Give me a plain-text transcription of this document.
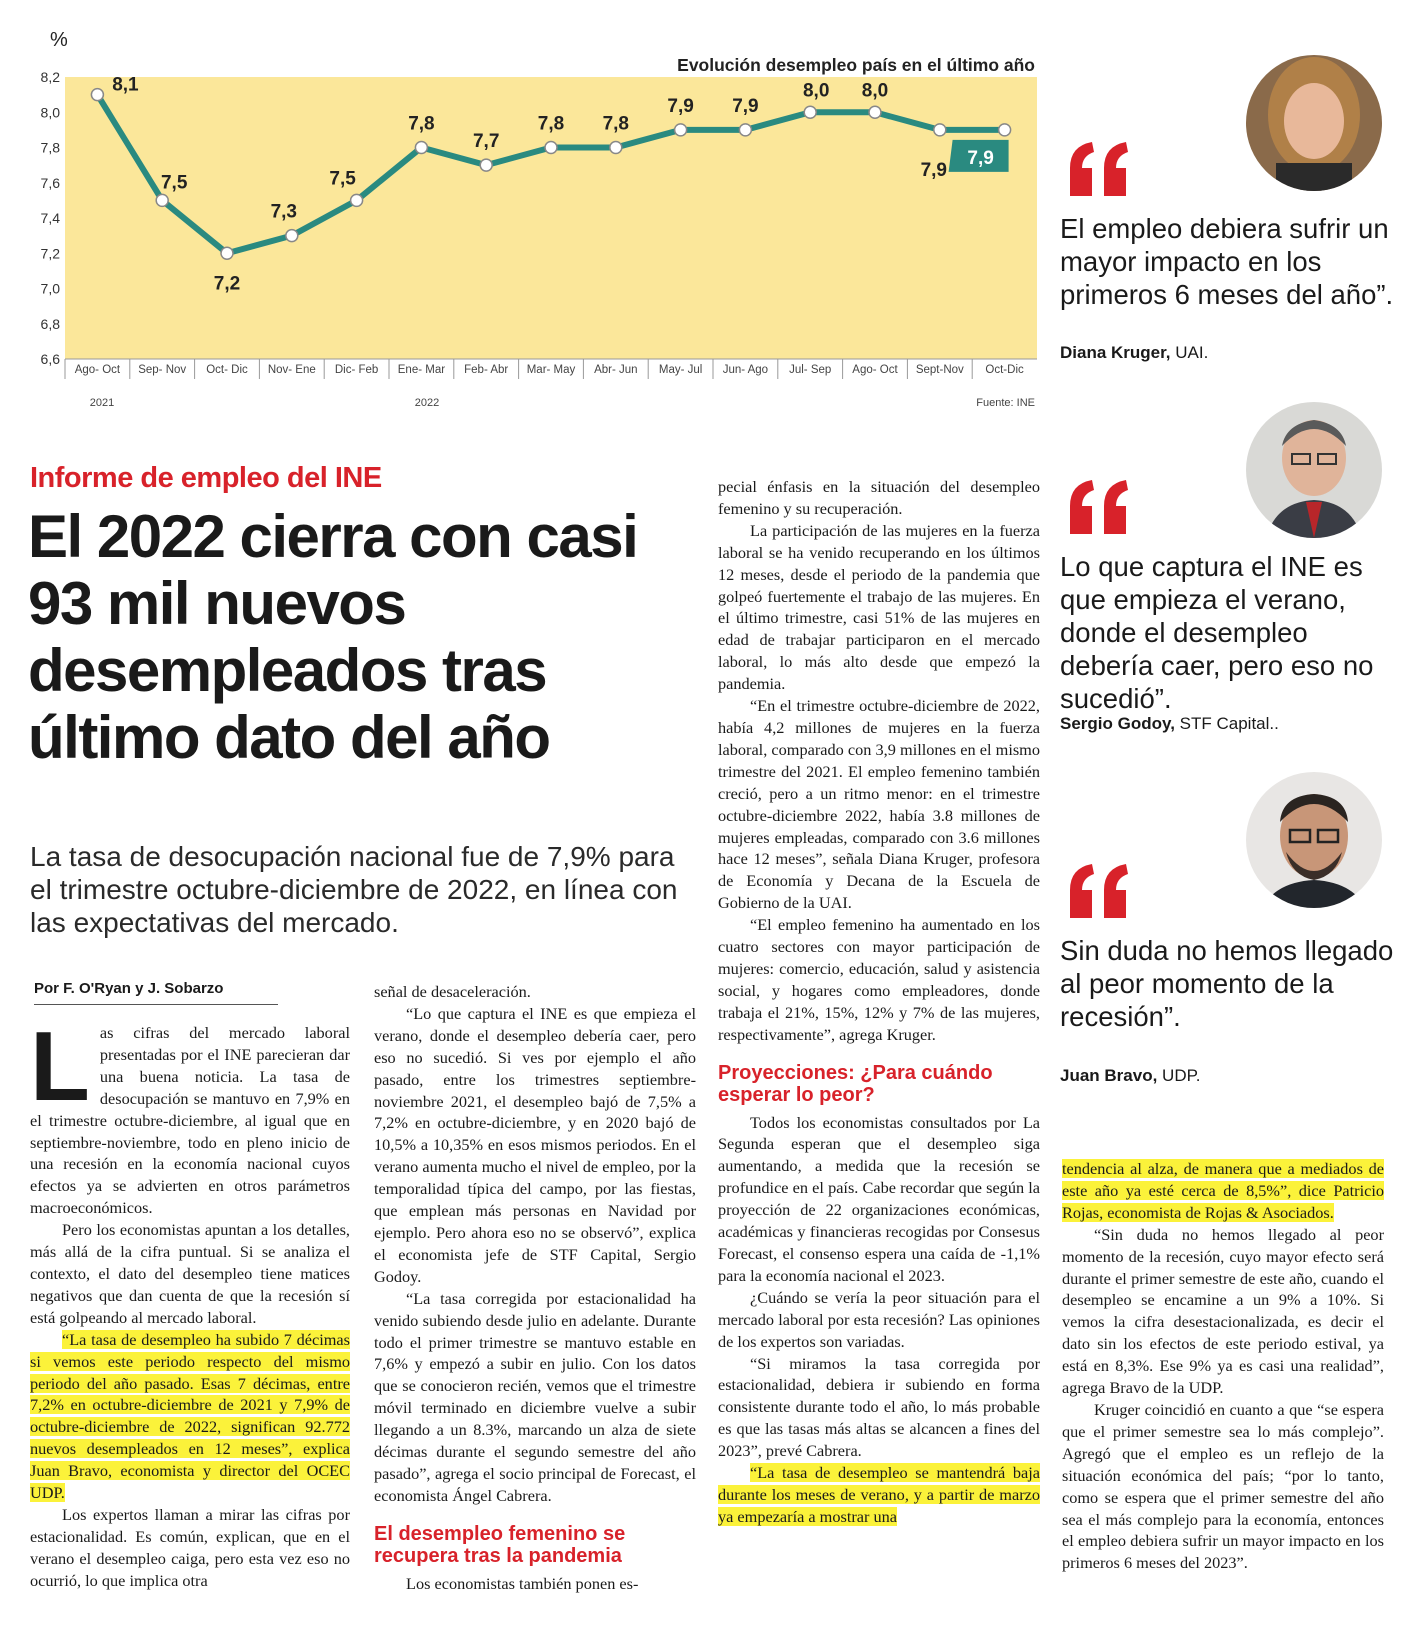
%
Evolución desempleo país en el último año
8,2
8,0
7,8
7,6
7,4
7,2
7,0
6,8
6,6
Ago- Oct Sep- Nov Oct- Dic Nov- Ene Dic- Feb Ene- Mar Feb- Abr Mar- May Abr- Jun May- Jul Jun- Ago Jul- Sep Ago- Oct Sept-Nov Oct-Dic
8,1
7,5
7,2
7,3
7,5
7,8
7,7
7,8 7,8
7,9 7,9
8,0 8,0
7,9
7,9
2021	2022	Fuente: INE
Informe de empleo del INE
El 2022 cierra con casi 93 mil nuevos desempleados tras último dato del año
La tasa de desocupación nacional fue de 7,9% para el trimestre octubre-diciembre de 2022, en línea con las expectativas del mercado.
Por F. O'Ryan y J. Sobarzo
L as cifras del mercado laboral presentadas por el INE parecieran dar una buena noticia. La tasa de desocupación se mantuvo en 7,9% en el trimestre octubre-diciembre, al igual que en septiembre-noviembre, todo en pleno inicio de una recesión en la economía nacional cuyos efectos ya se advierten en otros parámetros macroeconómicos.

Pero los economistas apuntan a los detalles, más allá de la cifra puntual. Si se analiza el contexto, el dato del desempleo tiene matices negativos que dan cuenta de que la recesión sí está golpeando al mercado laboral.

“La tasa de desempleo ha subido 7 décimas si vemos este periodo respecto del mismo periodo del año pasado. Esas 7 décimas, entre 7,2% en octubre-diciembre de 2021 y 7,9% de octubre-diciembre de 2022, significan 92.772 nuevos desempleados en 12 meses”, explica Juan Bravo, economista y director del OCEC UDP.

Los expertos llaman a mirar las cifras por estacionalidad. Es común, explican, que en el verano el desempleo caiga, pero esta vez eso no ocurrió, lo que implica otra

señal de desaceleración.

“Lo que captura el INE es que empieza el verano, donde el desempleo debería caer, pero eso no sucedió. Si ves por ejemplo el año pasado, entre los trimestres septiembre-noviembre 2021, el desempleo bajó de 7,5% a 7,2% en octubre-diciembre, y en 2020 bajó de 10,5% a 10,35% en esos mismos periodos. En el verano aumenta mucho el nivel de empleo, por la temporalidad típica del campo, por las fiestas, que emplean más personas en Navidad por ejemplo. Pero ahora eso no se observó”, explica el economista jefe de STF Capital, Sergio Godoy.

“La tasa corregida por estacionalidad ha venido subiendo desde julio en adelante. Durante todo el primer trimestre se mantuvo estable en 7,6% y empezó a subir en julio. Con los datos que se conocieron recién, vemos que el trimestre móvil terminado en diciembre vuelve a subir llegando a un 8.3%, marcando un alza de siete décimas durante el segundo semestre del año pasado”, agrega el socio principal de Forecast, el economista Ángel Cabrera.

El desempleo femenino se recupera tras la pandemia

Los economistas también ponen es-

pecial énfasis en la situación del desempleo femenino y su recuperación.

La participación de las mujeres en la fuerza laboral se ha venido recuperando en los últimos 12 meses, desde el periodo de la pandemia que golpeó fuertemente el trabajo de las mujeres. En el último trimestre, casi 51% de las mujeres en edad de trabajar participaron en el mercado laboral, lo más alto desde que empezó la pandemia.

“En el trimestre octubre-diciembre de 2022, había 4,2 millones de mujeres en la fuerza laboral, comparado con 3,9 millones en el mismo trimestre del 2021. El empleo femenino también creció, pero a un ritmo menor: en el trimestre octubre-diciembre 2022, había 3.8 millones de mujeres empleadas, comparado con 3.6 millones hace 12 meses”, señala Diana Kruger, profesora de Economía y Decana de la Escuela de Gobierno de la UAI.

“El empleo femenino ha aumentado en los cuatro sectores con mayor participación de mujeres: comercio, educación, salud y asistencia social, y hogares como empleadores, donde trabaja el 21%, 15%, 12% y 7% de las mujeres, respectivamente”, agrega Kruger.

Proyecciones: ¿Para cuándo esperar lo peor?

Todos los economistas consultados por La Segunda esperan que el desempleo siga aumentando, a medida que la recesión se profundice en el país. Cabe recordar que según la proyección de 22 organizaciones económicas, académicas y financieras recogidas por Consesus Forecast, el consenso espera una caída de -1,1% para la economía nacional el 2023.

¿Cuándo se vería la peor situación para el mercado laboral por esta recesión? Las opiniones de los expertos son variadas.

“Si miramos la tasa corregida por estacionalidad, debiera ir subiendo en forma consistente durante todo el año, lo más probable es que las tasas más altas se alcancen a fines del 2023”, prevé Cabrera.

“La tasa de desempleo se mantendrá baja durante los meses de verano, y a partir de marzo ya empezaría a mostrar una

tendencia al alza, de manera que a mediados de este año ya esté cerca de 8,5%”, dice Patricio Rojas, economista de Rojas & Asociados.

“Sin duda no hemos llegado al peor momento de la recesión, cuyo mayor efecto será durante el primer semestre de este año, cuando el desempleo se encamine a un 9% a 10%. Si vemos la cifra desestacionalizada, es decir el dato sin los efectos de este periodo estival, ya está en 8,3%. Ese 9% ya es casi una realidad”, agrega Bravo de la UDP.

Kruger coincidió en cuanto a que “se espera que el primer semestre sea lo más complejo”. Agregó que el empleo es un reflejo de la situación económica del país; “por lo tanto, como se espera que el primer semestre del año sea el más complejo para la economía, entonces el empleo debiera sufrir un mayor impacto en los primeros 6 meses del 2023”.

El empleo debiera sufrir un mayor impacto en los primeros 6 meses del año”.
Diana Kruger, UAI.
Lo que captura el INE es que empieza el verano, donde el desempleo debería caer, pero eso no sucedió”.
Sergio Godoy, STF Capital..
Sin duda no hemos llegado al peor momento de la recesión”.
Juan Bravo, UDP.
